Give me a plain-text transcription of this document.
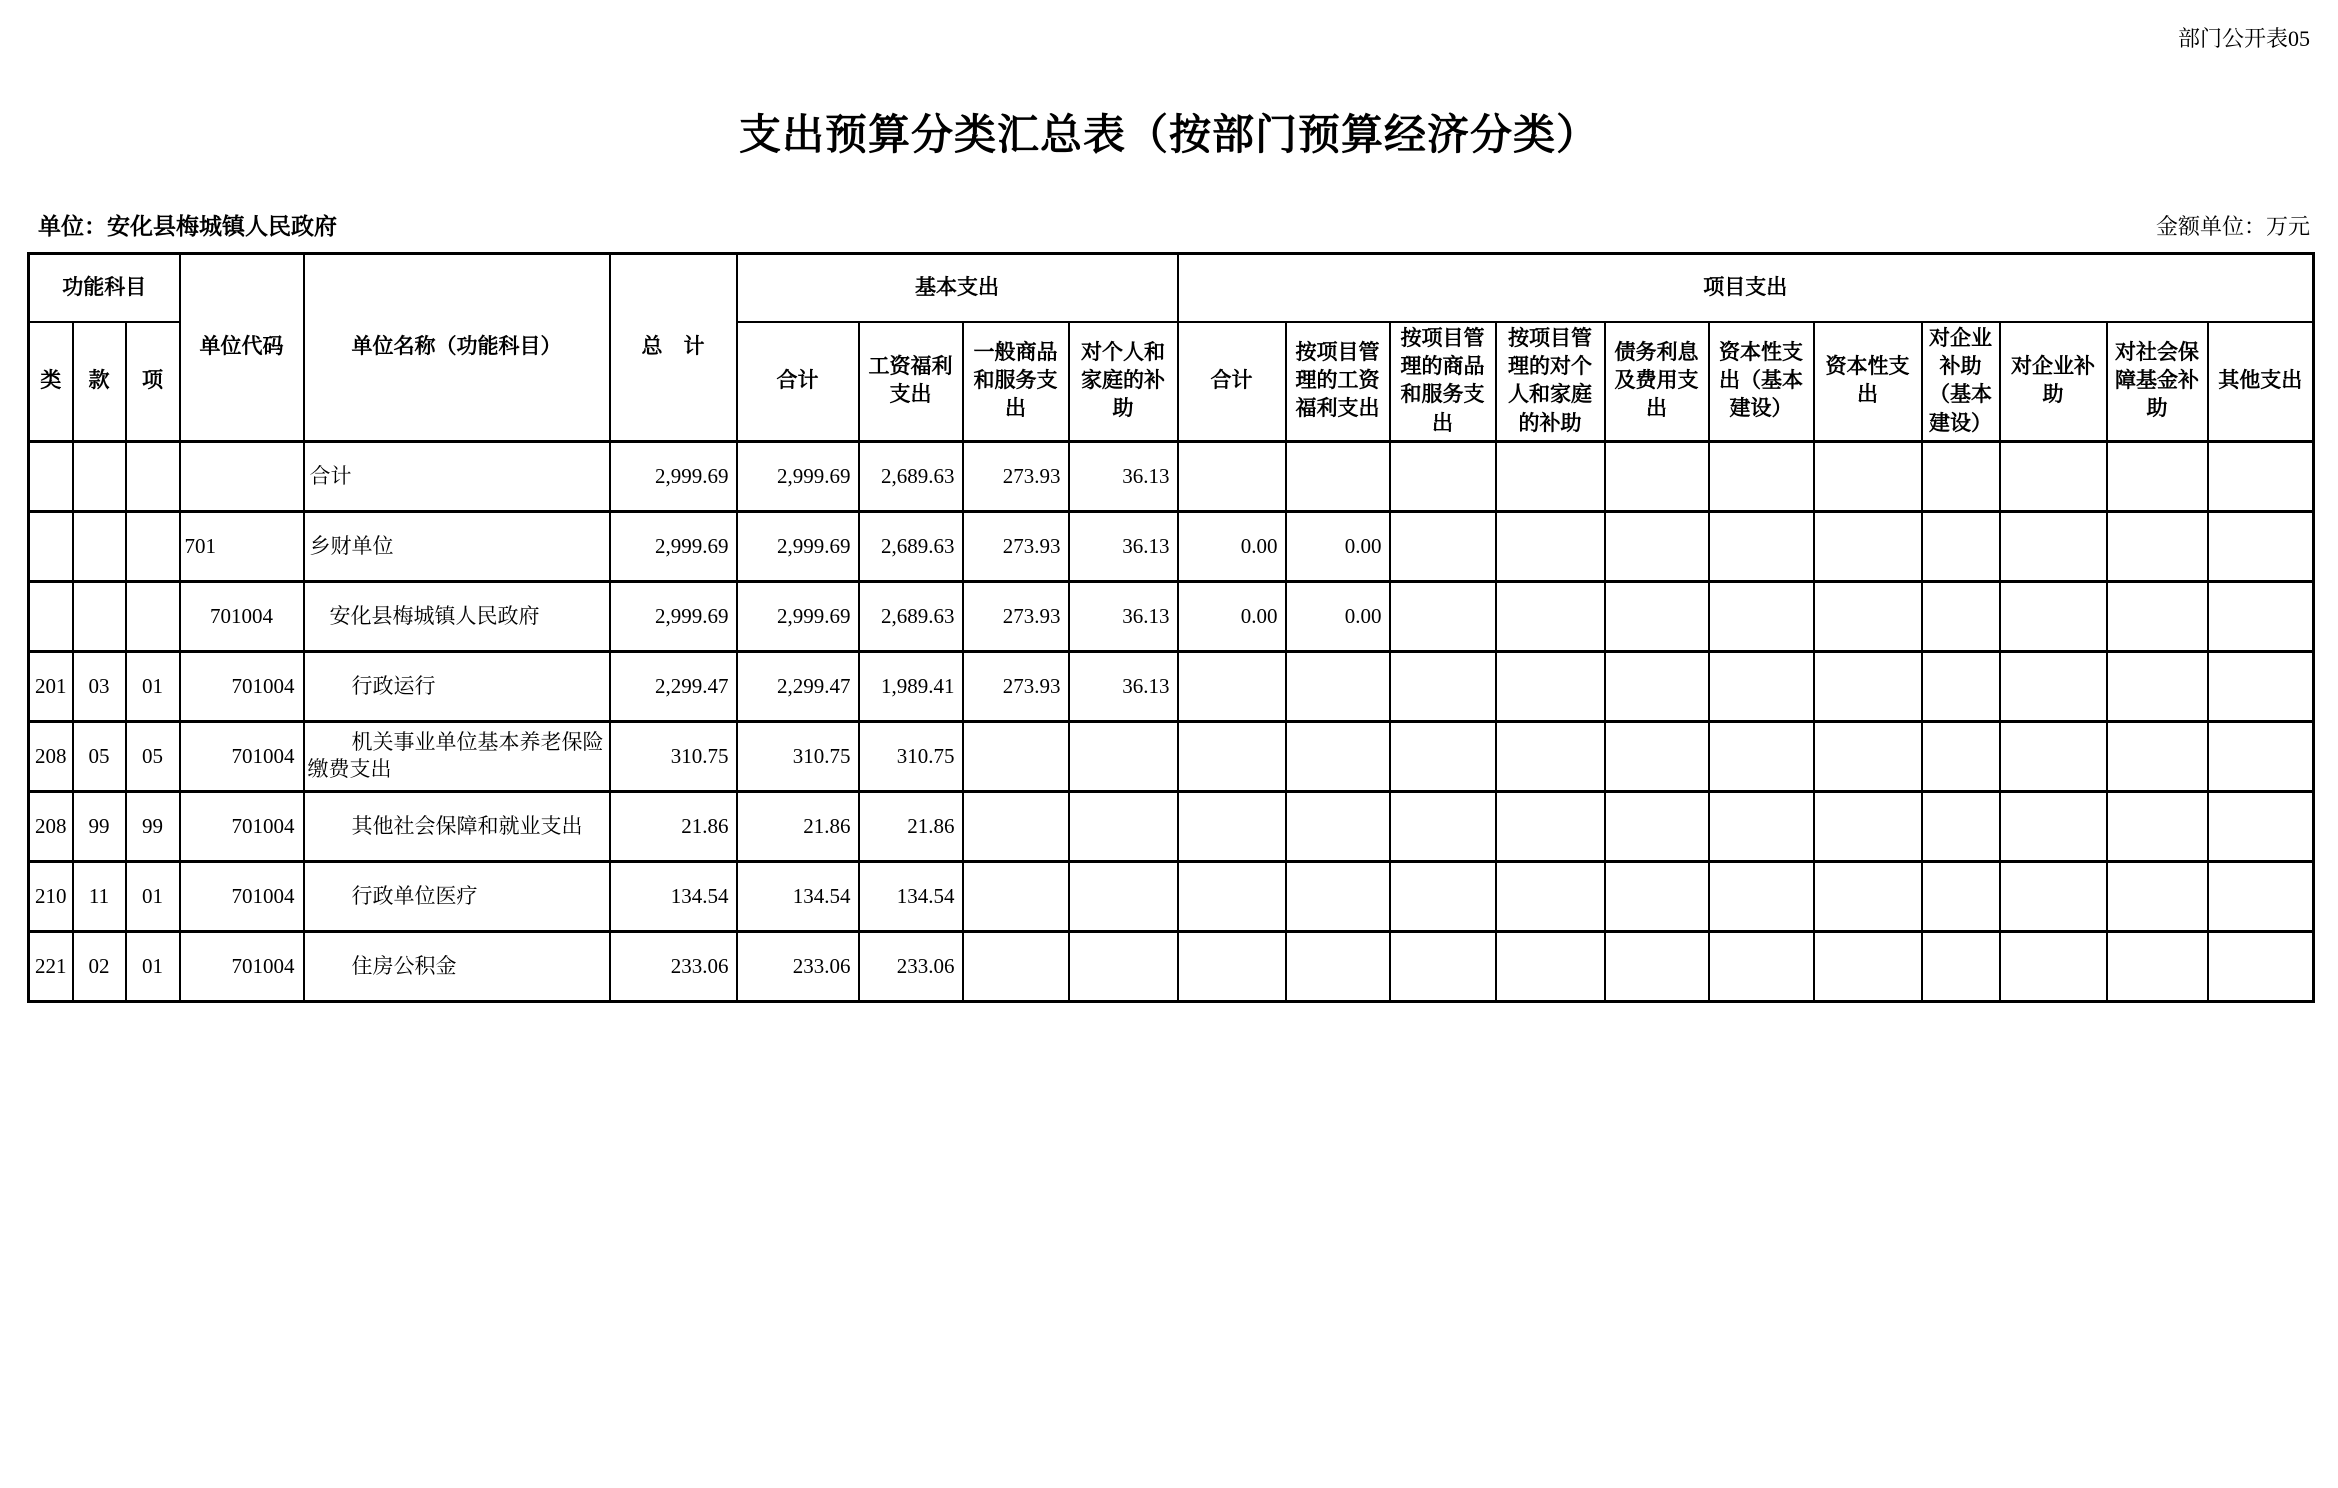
部门公开表05
支出预算分类汇总表（按部门预算经济分类）
单位：安化县梅城镇人民政府	金额单位：万元
功能科目			单位代码	单位名称（功能科目）	总　计	基本支出				项目支出										
类	款	项				合计	工资福利支出	一般商品和服务支出	对个人和家庭的补助	合计	按项目管理的工资福利支出	按项目管理的商品和服务支出	按项目管理的对个人和家庭的补助	债务利息及费用支出	资本性支出（基本建设）	资本性支出	对企业补助（基本建设）	对企业补助	对社会保障基金补助	其他支出
				合计	2,999.69	2,999.69	2,689.63	273.93	36.13											
			701	乡财单位	2,999.69	2,999.69	2,689.63	273.93	36.13	0.00	0.00									
			701004	安化县梅城镇人民政府	2,999.69	2,999.69	2,689.63	273.93	36.13	0.00	0.00									
201	03	01	701004	行政运行	2,299.47	2,299.47	1,989.41	273.93	36.13											
208	05	05	701004	机关事业单位基本养老保险缴费支出	310.75	310.75	310.75													
208	99	99	701004	其他社会保障和就业支出	21.86	21.86	21.86													
210	11	01	701004	行政单位医疗	134.54	134.54	134.54													
221	02	01	701004	住房公积金	233.06	233.06	233.06													
